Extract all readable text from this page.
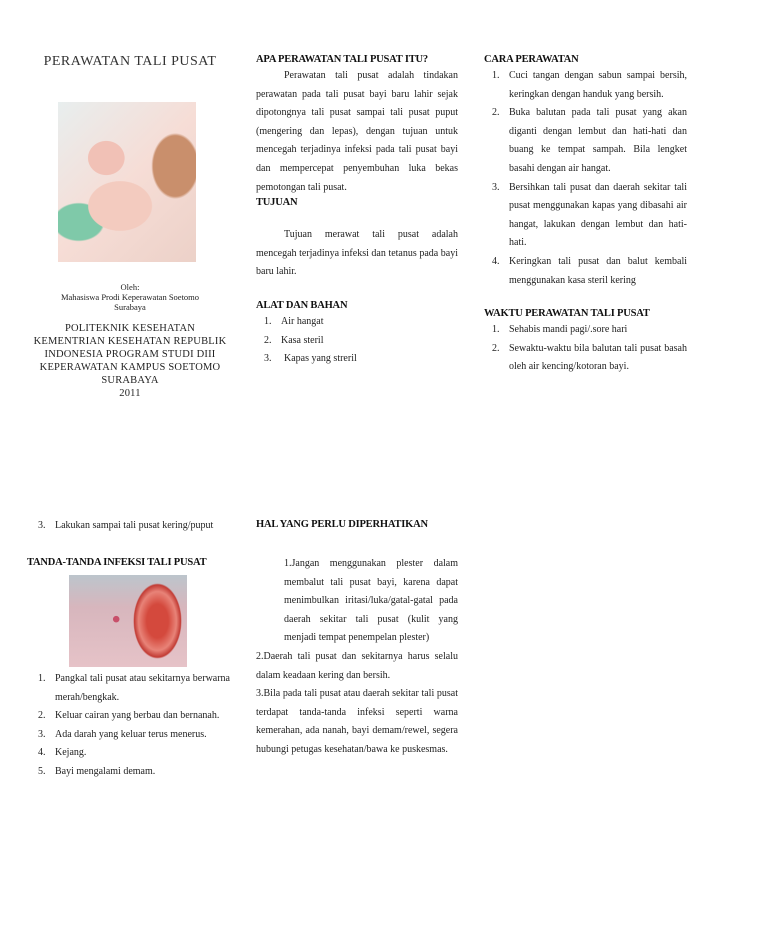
PERAWATAN TALI PUSAT
Oleh:
Mahasiswa Prodi Keperawatan Soetomo
Surabaya
POLITEKNIK KESEHATAN
KEMENTRIAN KESEHATAN REPUBLIK
INDONESIA PROGRAM STUDI DIII
KEPERAWATAN KAMPUS SOETOMO
SURABAYA
2011
APA PERAWATAN TALI PUSAT ITU?
Perawatan tali pusat adalah tindakan perawatan pada tali pusat bayi baru lahir sejak dipotongnya tali pusat sampai tali pusat puput (mengering dan lepas), dengan tujuan untuk mencegah terjadinya infeksi pada tali pusat bayi dan mempercepat penyembuhan luka bekas pemotongan tali pusat.
TUJUAN
Tujuan merawat tali pusat adalah mencegah terjadinya infeksi dan tetanus pada bayi baru lahir.
ALAT DAN BAHAN
1. Air hangat
2. Kasa steril
3. Kapas yang streril
CARA PERAWATAN
1. Cuci tangan dengan sabun sampai bersih, keringkan dengan handuk yang bersih.
2. Buka balutan pada tali pusat yang akan diganti dengan lembut dan hati-hati dan buang ke tempat sampah. Bila lengket basahi dengan air hangat.
3. Bersihkan tali pusat dan daerah sekitar tali pusat menggunakan kapas yang dibasahi air hangat, lakukan dengan lembut dan hati-hati.
4. Keringkan tali pusat dan balut kembali menggunakan kasa steril kering
WAKTU PERAWATAN TALI PUSAT
1. Sehabis mandi pagi/.sore hari
2. Sewaktu-waktu bila balutan tali pusat basah oleh air kencing/kotoran bayi.
3. Lakukan sampai tali pusat kering/puput
TANDA-TANDA INFEKSI TALI PUSAT
1. Pangkal tali pusat atau sekitarnya berwarna merah/bengkak.
2. Keluar cairan yang berbau dan bernanah.
3. Ada darah yang keluar terus menerus.
4. Kejang.
5. Bayi mengalami demam.
HAL YANG PERLU DIPERHATIKAN
1.Jangan menggunakan plester dalam membalut tali pusat bayi, karena dapat menimbulkan iritasi/luka/gatal-gatal pada daerah sekitar tali pusat (kulit yang menjadi tempat penempelan plester)
2.Daerah tali pusat dan sekitarnya harus selalu dalam keadaan kering dan bersih.
3.Bila pada tali pusat atau daerah sekitar tali pusat terdapat tanda-tanda infeksi seperti warna kemerahan, ada nanah, bayi demam/rewel, segera hubungi petugas kesehatan/bawa ke puskesmas.
